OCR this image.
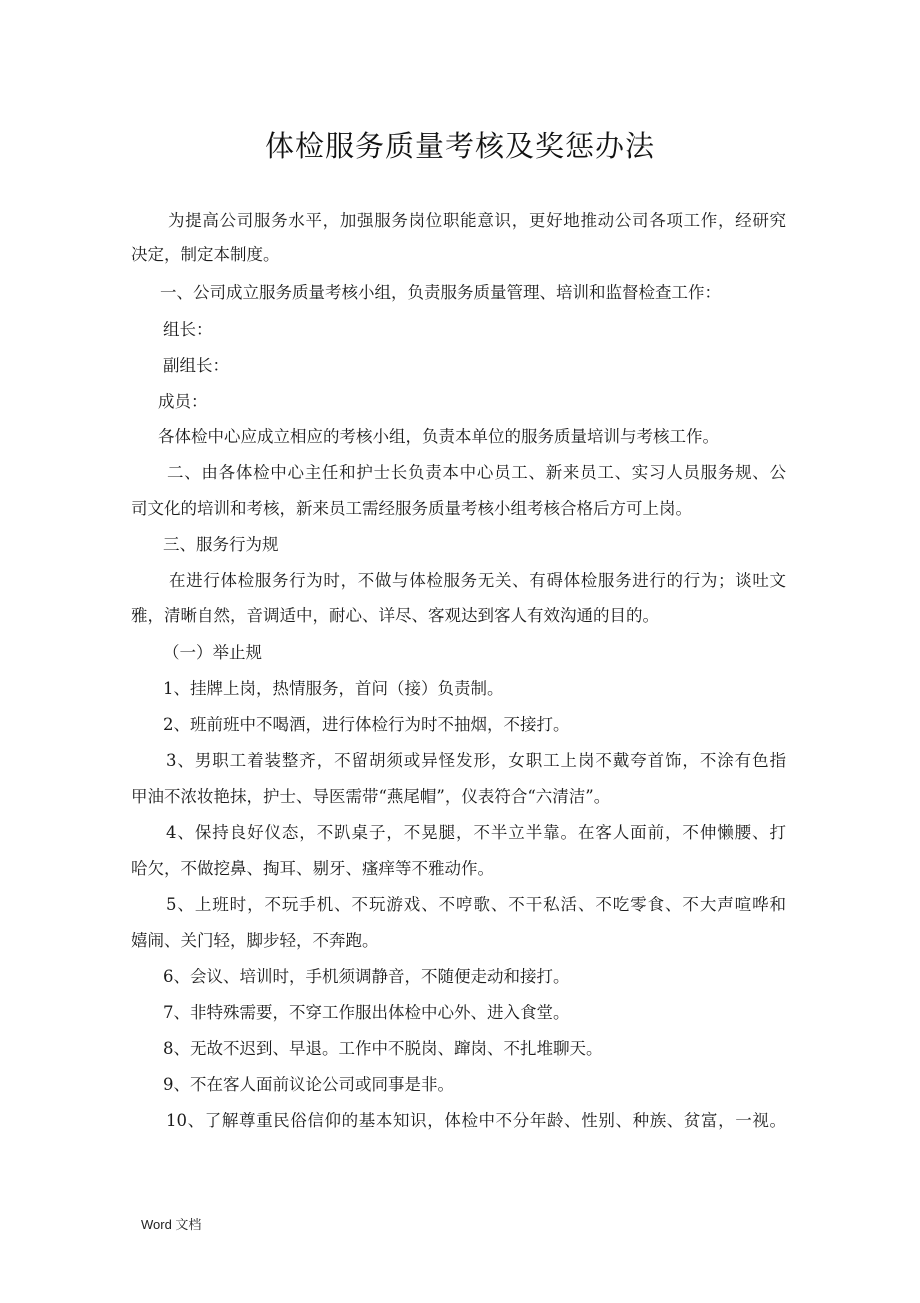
体检服务质量考核及奖惩办法
为提高公司服务水平，加强服务岗位职能意识，更好地推动公司各项工作，经研究
决定，制定本制度。
一、公司成立服务质量考核小组，负责服务质量管理、培训和监督检查工作：
组长：
副组长：
成员：
各体检中心应成立相应的考核小组，负责本单位的服务质量培训与考核工作。
二、由各体检中心主任和护士长负责本中心员工、新来员工、实习人员服务规、公
司文化的培训和考核，新来员工需经服务质量考核小组考核合格后方可上岗。
三、服务行为规
在进行体检服务行为时，不做与体检服务无关、有碍体检服务进行的行为；谈吐文
雅，清晰自然，音调适中，耐心、详尽、客观达到客人有效沟通的目的。
（一）举止规
1、挂牌上岗，热情服务，首问（接）负责制。
2、班前班中不喝酒，进行体检行为时不抽烟，不接打。
3、男职工着装整齐，不留胡须或异怪发形，女职工上岗不戴夸首饰，不涂有色指
甲油不浓妆艳抹，护士、导医需带“燕尾帽”，仪表符合“六清洁”。
4、保持良好仪态，不趴桌子，不晃腿，不半立半靠。在客人面前，不伸懒腰、打
哈欠，不做挖鼻、掏耳、剔牙、瘙痒等不雅动作。
5、上班时，不玩手机、不玩游戏、不哼歌、不干私活、不吃零食、不大声喧哗和
嬉闹、关门轻，脚步轻，不奔跑。
6、会议、培训时，手机须调静音，不随便走动和接打。
7、非特殊需要，不穿工作服出体检中心外、进入食堂。
8、无故不迟到、早退。工作中不脱岗、蹿岗、不扎堆聊天。
9、不在客人面前议论公司或同事是非。
10、了解尊重民俗信仰的基本知识，体检中不分年龄、性别、种族、贫富，一视。
Word 文档
